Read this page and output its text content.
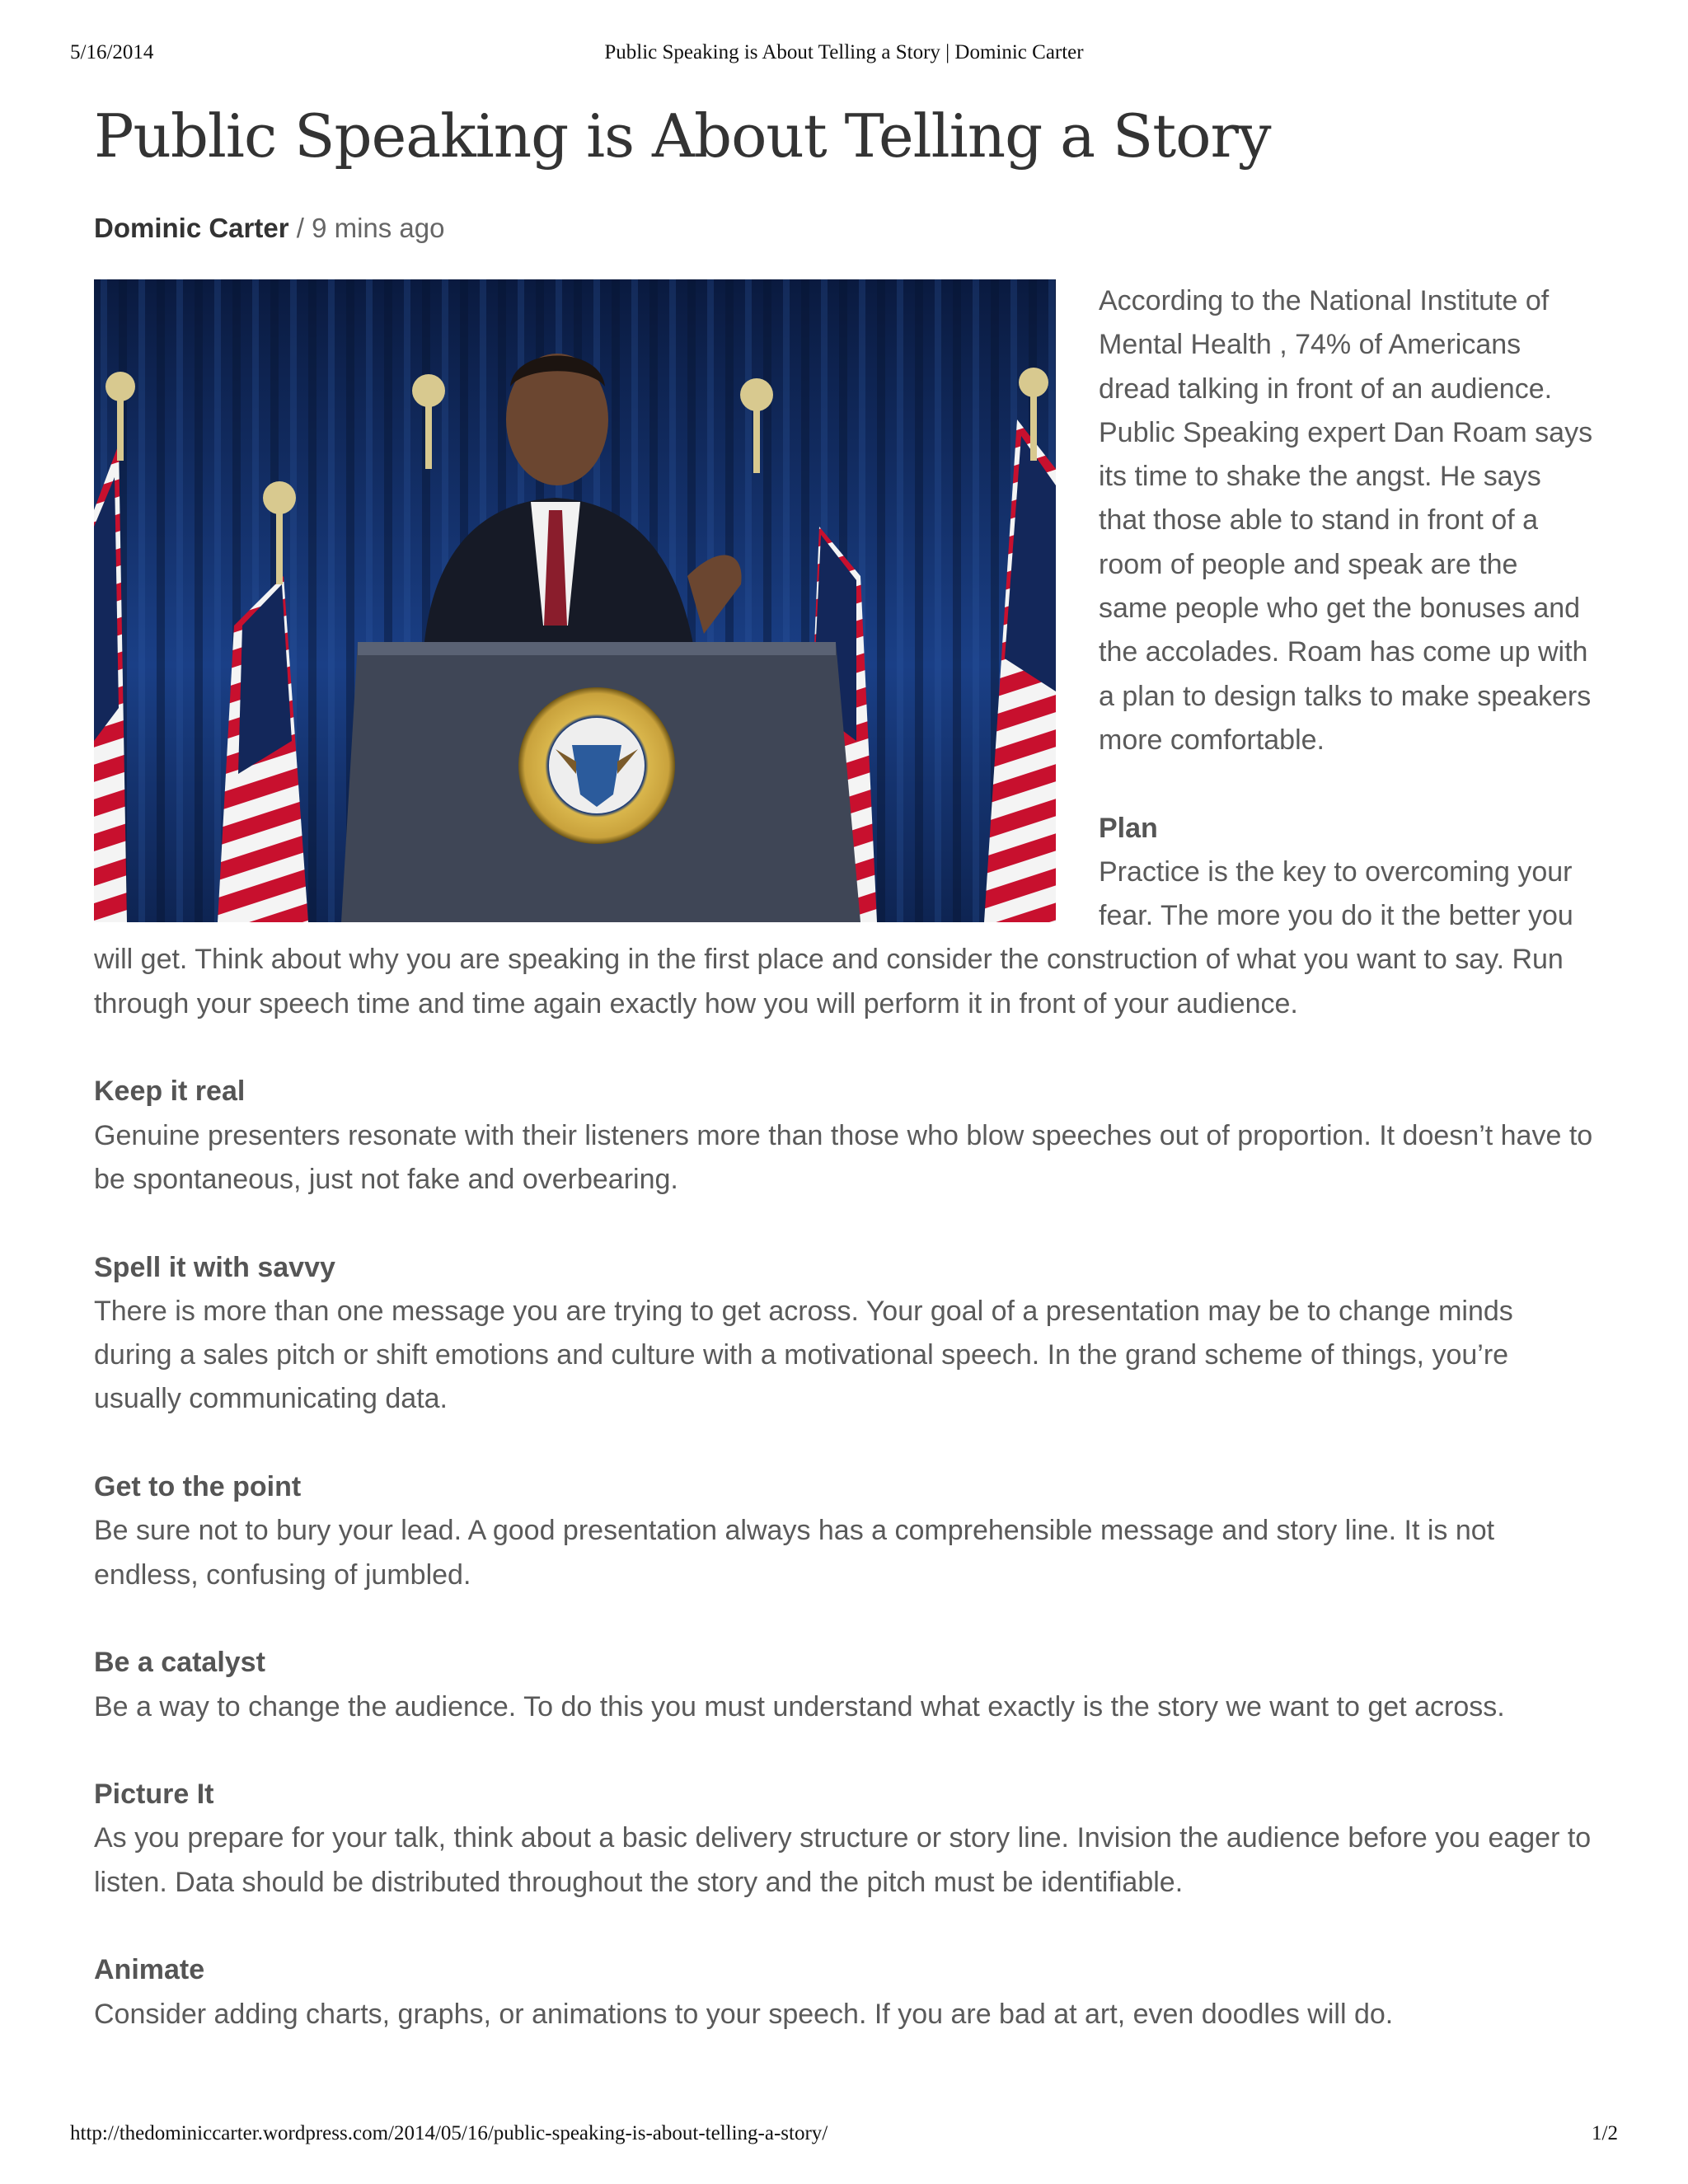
5/16/2014	Public Speaking is About Telling a Story | Dominic Carter
Public Speaking is About Telling a Story
Dominic Carter / 9 mins ago

According to the National Institute of Mental Health , 74% of Americans dread talking in front of an audience. Public Speaking expert Dan Roam says its time to shake the angst. He says that those able to stand in front of a room of people and speak are the same people who get the bonuses and the accolades. Roam has come up with a plan to design talks to make speakers more comfortable.

Plan

Practice is the key to overcoming your fear. The more you do it the better you will get. Think about why you are speaking in the first place and consider the construction of what you want to say. Run through your speech time and time again exactly how you will perform it in front of your audience.

Keep it real

Genuine presenters resonate with their listeners more than those who blow speeches out of proportion. It doesn’t have to be spontaneous, just not fake and overbearing.

Spell it with savvy

There is more than one message you are trying to get across. Your goal of a presentation may be to change minds during a sales pitch or shift emotions and culture with a motivational speech. In the grand scheme of things, you’re usually communicating data.

Get to the point

Be sure not to bury your lead. A good presentation always has a comprehensible message and story line. It is not endless, confusing of jumbled.

Be a catalyst

Be a way to change the audience. To do this you must understand what exactly is the story we want to get across.

Picture It

As you prepare for your talk, think about a basic delivery structure or story line. Invision the audience before you eager to listen. Data should be distributed throughout the story and the pitch must be identifiable.

Animate

Consider adding charts, graphs, or animations to your speech. If you are bad at art, even doodles will do.

http://thedominiccarter.wordpress.com/2014/05/16/public-speaking-is-about-telling-a-story/	1/2
